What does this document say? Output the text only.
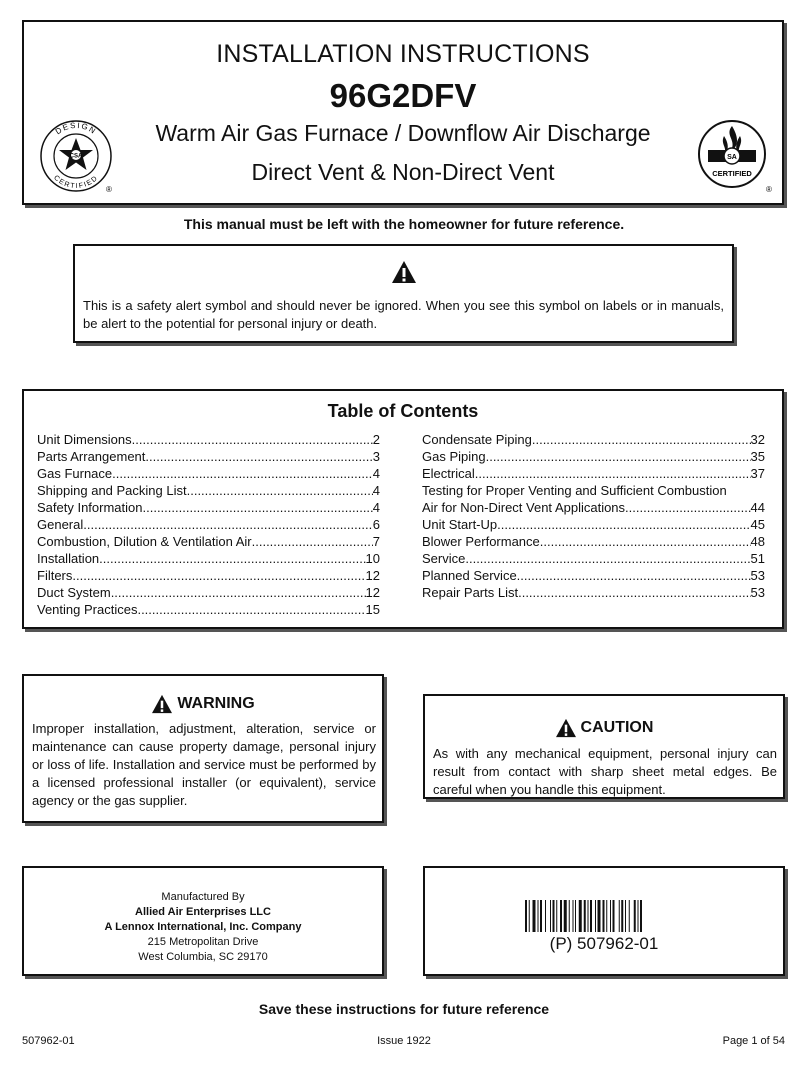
INSTALLATION INSTRUCTIONS
96G2DFV
Warm Air Gas Furnace / Downflow Air Discharge
Direct Vent & Non-Direct Vent
DESIGN
CERTIFIED
CSA
®
SA
CERTIFIED
®
This manual must be left with the homeowner for future reference.
This is a safety alert symbol and should never be ignored. When you see this symbol on labels or in manuals, be alert to the potential for personal injury or death.
Table of Contents
Unit Dimensions .....	2
Parts Arrangement .....	3
Gas Furnace .....	4
Shipping and Packing List .....	4
Safety Information .....	4
General .....	6
Combustion, Dilution & Ventilation Air .....	7
Installation .....	10
Filters .....	12
Duct System .....	12
Venting Practices .....	15
Condensate Piping .....	32
Gas Piping .....	35
Electrical .....	37
Testing for Proper Venting and Sufficient Combustion
Air for Non-Direct Vent Applications .....	44
Unit Start-Up .....	45
Blower Performance .....	48
Service .....	51
Planned Service .....	53
Repair Parts List .....	53
WARNING
Improper installation, adjustment, alteration, service or maintenance can cause property damage, personal injury or loss of life. Installation and service must be performed by a licensed professional installer (or equivalent), service agency or the gas supplier.
CAUTION
As with any mechanical equipment, personal injury can result from contact with sharp sheet metal edges. Be careful when you handle this equipment.
Manufactured By
Allied Air Enterprises LLC
A Lennox International, Inc. Company
215 Metropolitan Drive
West Columbia, SC 29170
(P) 507962-01
Save these instructions for future reference
507962-01	Issue 1922	Page 1 of 54
